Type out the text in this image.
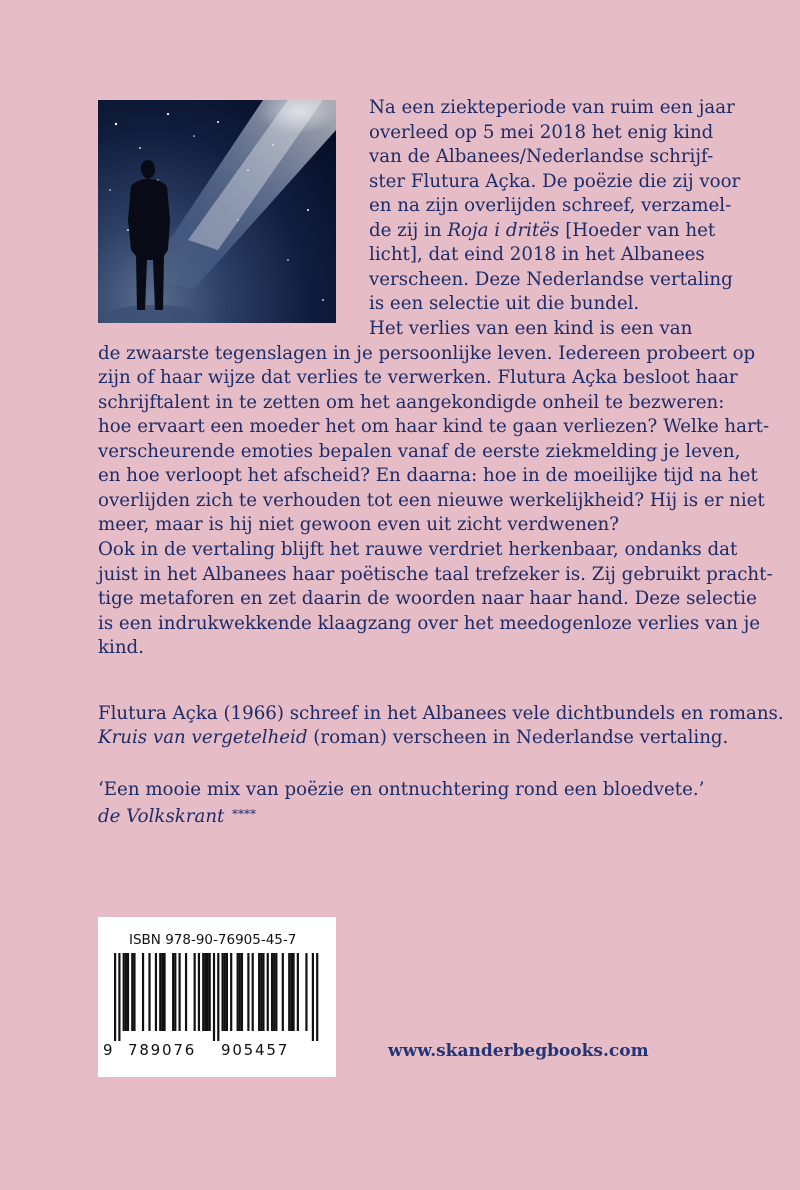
Na een ziekteperiode van ruim een jaar
overleed op 5 mei 2018 het enig kind
van de Albanees/Nederlandse schrijf-
ster Flutura Açka. De poëzie die zij voor
en na zijn overlijden schreef, verzamel-
de zij in Roja i dritës [Hoeder van het
licht], dat eind 2018 in het Albanees
verscheen. Deze Nederlandse vertaling
is een selectie uit die bundel.
Het verlies van een kind is een van
de zwaarste tegenslagen in je persoonlijke leven. Iedereen probeert op
zijn of haar wijze dat verlies te verwerken. Flutura Açka besloot haar
schrijftalent in te zetten om het aangekondigde onheil te bezweren:
hoe ervaart een moeder het om haar kind te gaan verliezen? Welke hart-
verscheurende emoties bepalen vanaf de eerste ziekmelding je leven,
en hoe verloopt het afscheid? En daarna: hoe in de moeilijke tijd na het
overlijden zich te verhouden tot een nieuwe werkelijkheid? Hij is er niet
meer, maar is hij niet gewoon even uit zicht verdwenen?
Ook in de vertaling blijft het rauwe verdriet herkenbaar, ondanks dat
juist in het Albanees haar poëtische taal trefzeker is. Zij gebruikt pracht-
tige metaforen en zet daarin de woorden naar haar hand. Deze selectie
is een indrukwekkende klaagzang over het meedogenloze verlies van je
kind.
Flutura Açka (1966) schreef in het Albanees vele dichtbundels en romans.
Kruis van vergetelheid (roman) verscheen in Nederlandse vertaling.
‘Een mooie mix van poëzie en ontnuchtering rond een bloedvete.’
de Volkskrant  ****
ISBN 978-90-76905-45-7
9 789076	905457	www.skanderbegbooks.com
